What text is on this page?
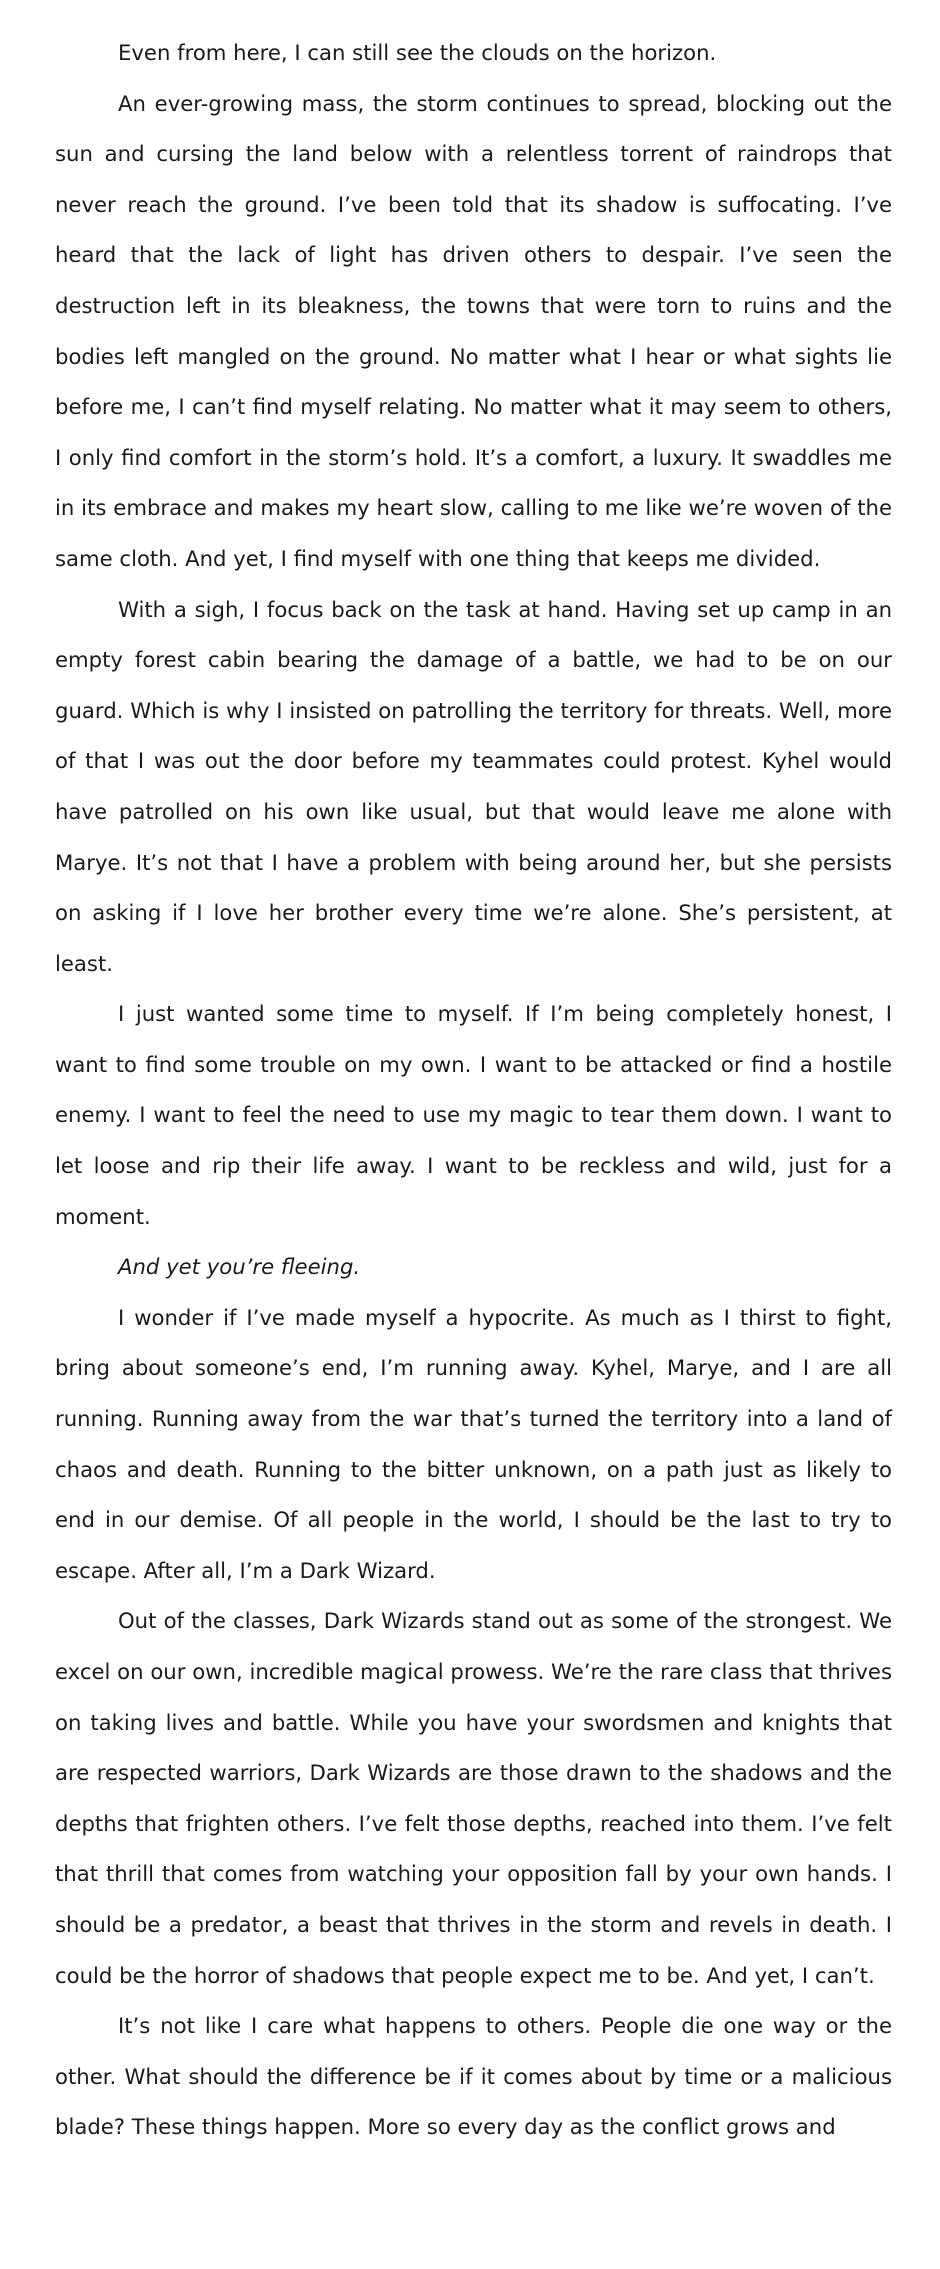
Even from here, I can still see the clouds on the horizon.

An ever-growing mass, the storm continues to spread, blocking out the sun and cursing the land below with a relentless torrent of raindrops that never reach the ground. I’ve been told that its shadow is suffocating. I’ve heard that the lack of light has driven others to despair. I’ve seen the destruction left in its bleakness, the towns that were torn to ruins and the bodies left mangled on the ground. No matter what I hear or what sights lie before me, I can’t find myself relating. No matter what it may seem to others, I only find comfort in the storm’s hold. It’s a comfort, a luxury. It swaddles me in its embrace and makes my heart slow, calling to me like we’re woven of the same cloth. And yet, I find myself with one thing that keeps me divided.

With a sigh, I focus back on the task at hand. Having set up camp in an empty forest cabin bearing the damage of a battle, we had to be on our guard. Which is why I insisted on patrolling the territory for threats. Well, more of that I was out the door before my teammates could protest. Kyhel would have patrolled on his own like usual, but that would leave me alone with Marye. It’s not that I have a problem with being around her, but she persists on asking if I love her brother every time we’re alone. She’s persistent, at least.

I just wanted some time to myself. If I’m being completely honest, I want to find some trouble on my own. I want to be attacked or find a hostile enemy. I want to feel the need to use my magic to tear them down. I want to let loose and rip their life away. I want to be reckless and wild, just for a moment.

And yet you’re fleeing.

I wonder if I’ve made myself a hypocrite. As much as I thirst to fight, bring about someone’s end, I’m running away. Kyhel, Marye, and I are all running. Running away from the war that’s turned the territory into a land of chaos and death. Running to the bitter unknown, on a path just as likely to end in our demise. Of all people in the world, I should be the last to try to escape. After all, I’m a Dark Wizard.

Out of the classes, Dark Wizards stand out as some of the strongest. We excel on our own, incredible magical prowess. We’re the rare class that thrives on taking lives and battle. While you have your swordsmen and knights that are respected warriors, Dark Wizards are those drawn to the shadows and the depths that frighten others. I’ve felt those depths, reached into them. I’ve felt that thrill that comes from watching your opposition fall by your own hands. I should be a predator, a beast that thrives in the storm and revels in death. I could be the horror of shadows that people expect me to be. And yet, I can’t.

It’s not like I care what happens to others. People die one way or the other. What should the difference be if it comes about by time or a malicious blade? These things happen. More so every day as the conflict grows and
